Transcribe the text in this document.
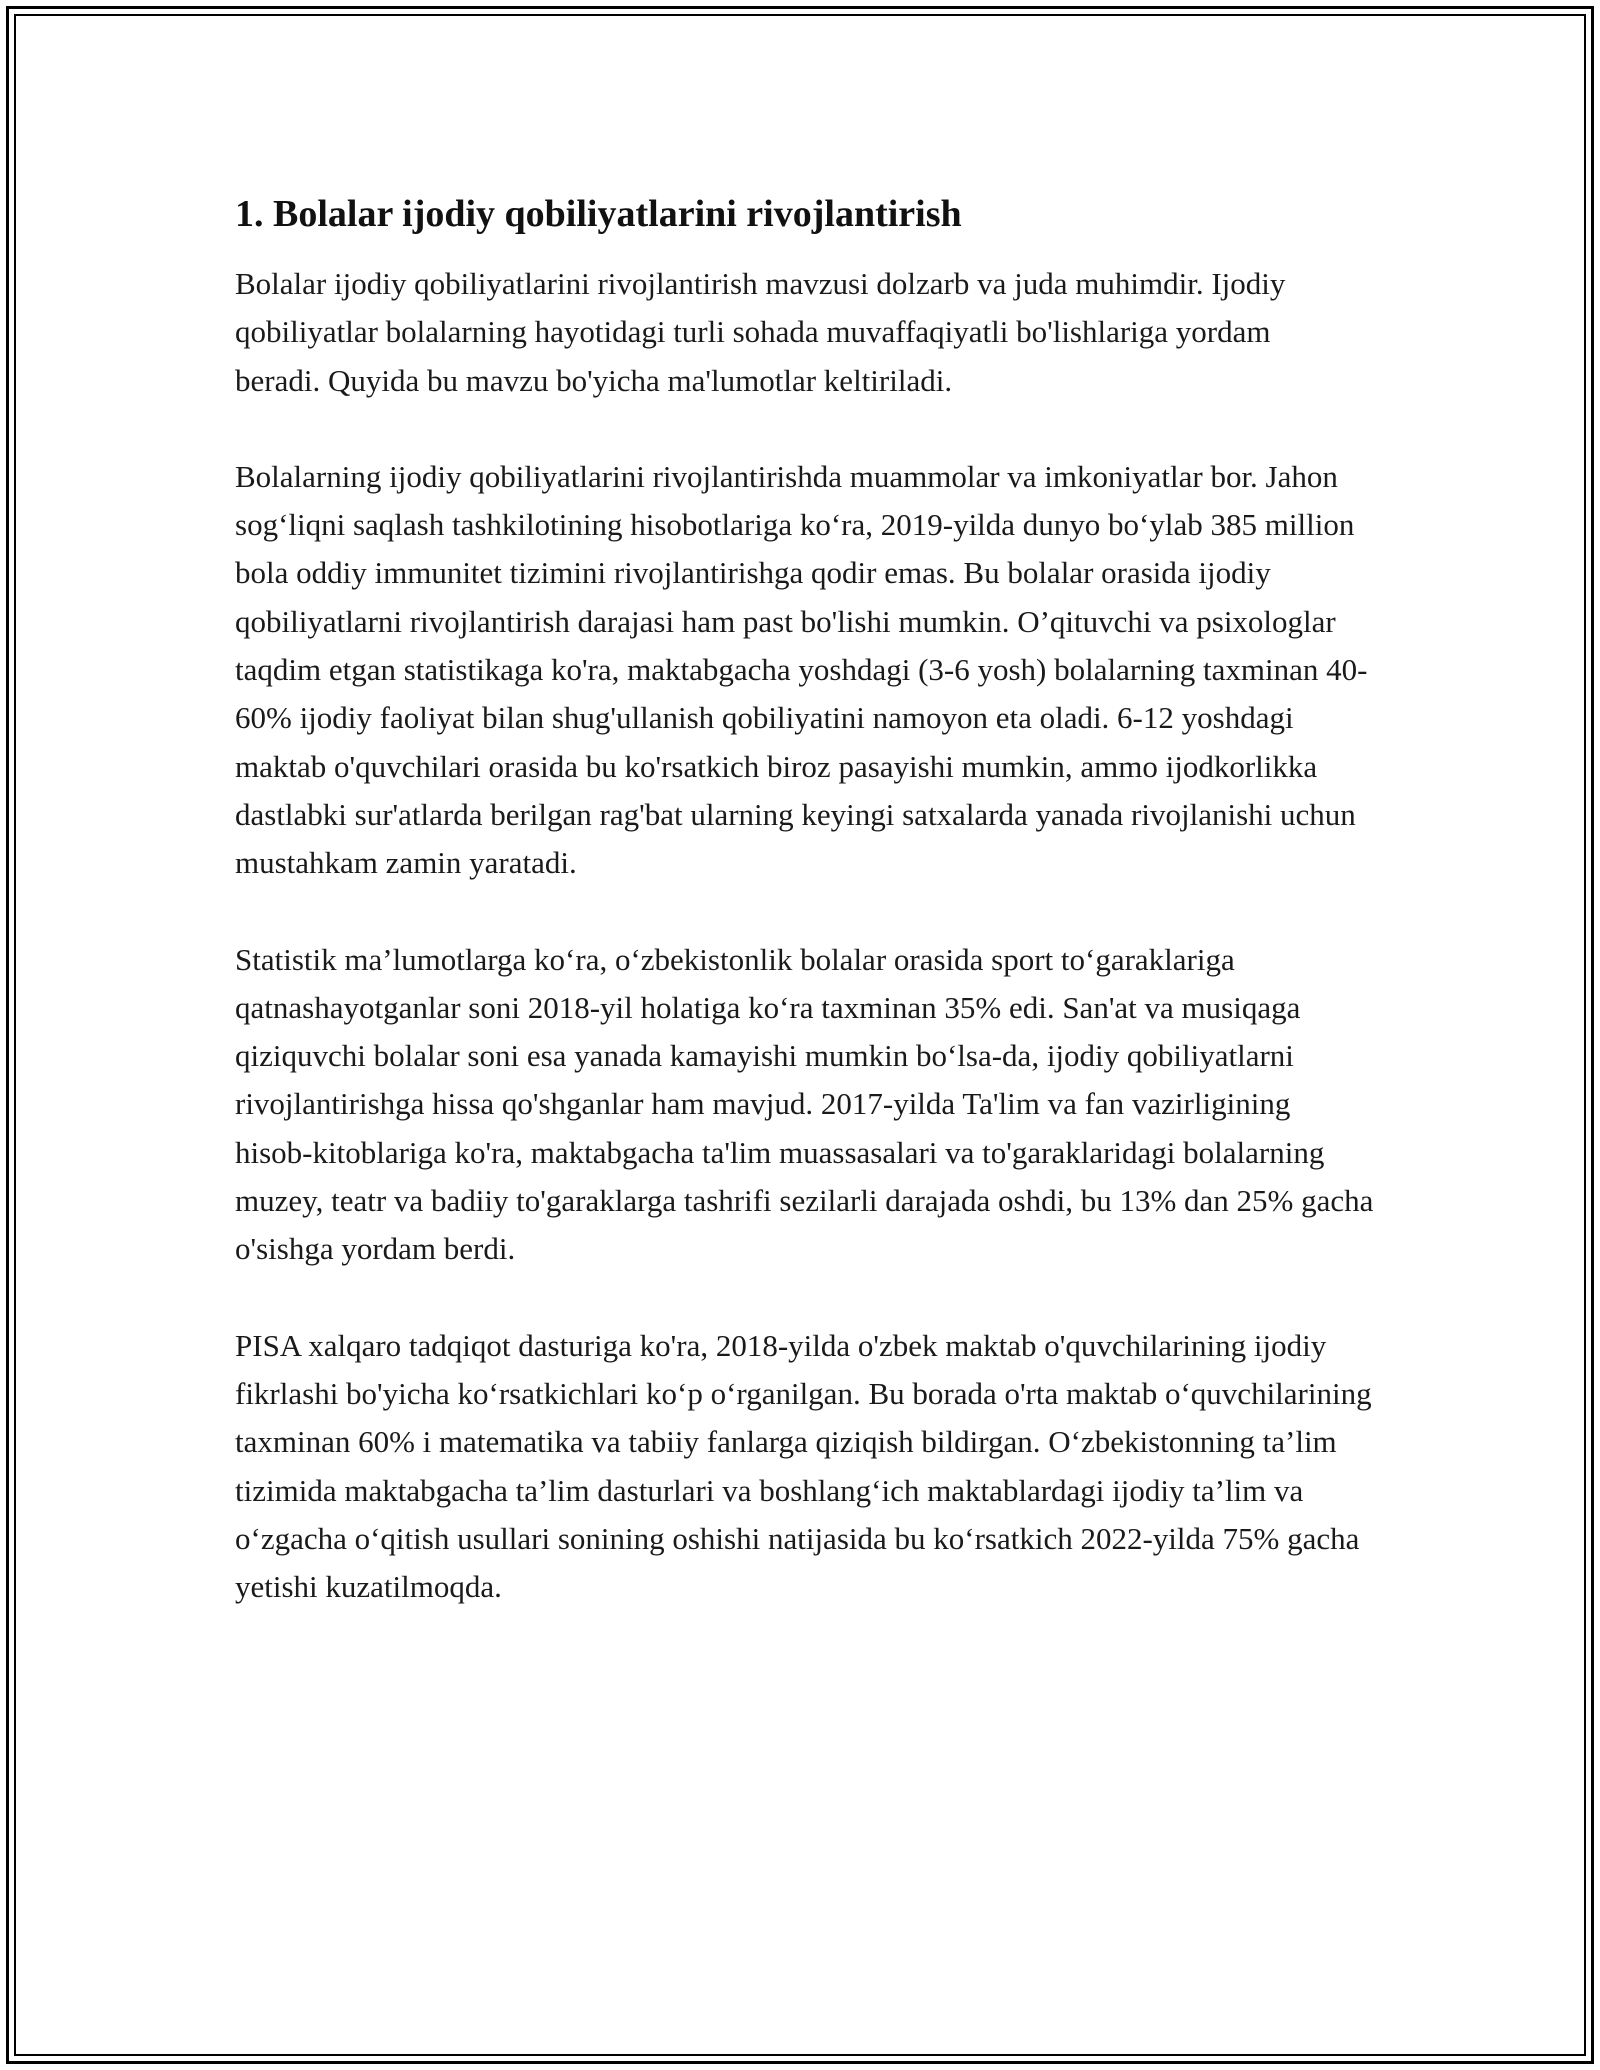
1. Bolalar ijodiy qobiliyatlarini rivojlantirish

Bolalar ijodiy qobiliyatlarini rivojlantirish mavzusi dolzarb va juda muhimdir. Ijodiy qobiliyatlar bolalarning hayotidagi turli sohada muvaffaqiyatli bo'lishlariga yordam beradi. Quyida bu mavzu bo'yicha ma'lumotlar keltiriladi.

Bolalarning ijodiy qobiliyatlarini rivojlantirishda muammolar va imkoniyatlar bor. Jahon sog‘liqni saqlash tashkilotining hisobotlariga ko‘ra, 2019-yilda dunyo bo‘ylab 385 million bola oddiy immunitet tizimini rivojlantirishga qodir emas. Bu bolalar orasida ijodiy qobiliyatlarni rivojlantirish darajasi ham past bo'lishi mumkin. O’qituvchi va psixologlar taqdim etgan statistikaga ko'ra, maktabgacha yoshdagi (3-6 yosh) bolalarning taxminan 40-60% ijodiy faoliyat bilan shug'ullanish qobiliyatini namoyon eta oladi. 6-12 yoshdagi maktab o'quvchilari orasida bu ko'rsatkich biroz pasayishi mumkin, ammo ijodkorlikka dastlabki sur'atlarda berilgan rag'bat ularning keyingi satxalarda yanada rivojlanishi uchun mustahkam zamin yaratadi.

Statistik ma’lumotlarga ko‘ra, o‘zbekistonlik bolalar orasida sport to‘garaklariga qatnashayotganlar soni 2018-yil holatiga ko‘ra taxminan 35% edi. San'at va musiqaga qiziquvchi bolalar soni esa yanada kamayishi mumkin bo‘lsa-da, ijodiy qobiliyatlarni rivojlantirishga hissa qo'shganlar ham mavjud. 2017-yilda Ta'lim va fan vazirligining hisob-kitoblariga ko'ra, maktabgacha ta'lim muassasalari va to'garaklaridagi bolalarning muzey, teatr va badiiy to'garaklarga tashrifi sezilarli darajada oshdi, bu 13% dan 25% gacha o'sishga yordam berdi.

PISA xalqaro tadqiqot dasturiga ko'ra, 2018-yilda o'zbek maktab o'quvchilarining ijodiy fikrlashi bo'yicha ko‘rsatkichlari ko‘p o‘rganilgan. Bu borada o'rta maktab o‘quvchilarining taxminan 60% i matematika va tabiiy fanlarga qiziqish bildirgan. O‘zbekistonning ta’lim tizimida maktabgacha ta’lim dasturlari va boshlang‘ich maktablardagi ijodiy ta’lim va o‘zgacha o‘qitish usullari sonining oshishi natijasida bu ko‘rsatkich 2022-yilda 75% gacha yetishi kuzatilmoqda.
